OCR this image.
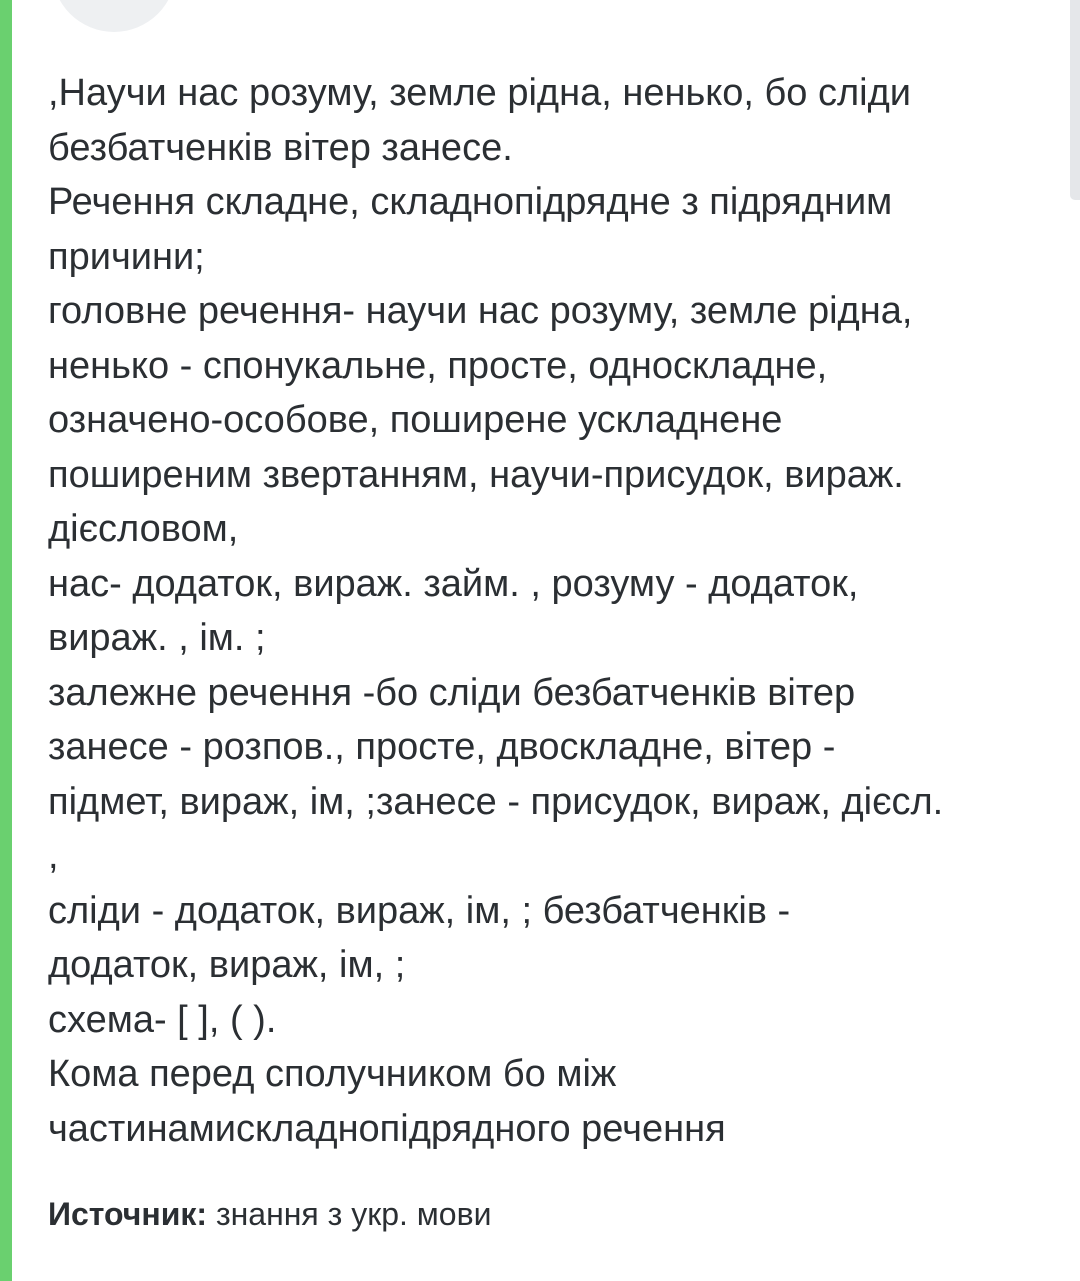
,Научи нас розуму, земле рідна, ненько, бо сліди
безбатченків вітер занесе.
Речення складне, складнопідрядне з підрядним
причини;
головне речення- научи нас розуму, земле рідна,
ненько - спонукальне, просте, односкладне,
означено-особове, поширене ускладнене
поширеним звертанням, научи-присудок, вираж.
дієсловом,
нас- додаток, вираж. займ. , розуму - додаток,
вираж. , ім. ;
залежне речення -бо сліди безбатченків вітер
занесе - розпов., просте, двоскладне, вітер -
підмет, вираж, ім, ;занесе - присудок, вираж, дієсл.
,
сліди - додаток, вираж, ім, ; безбатченків -
додаток, вираж, ім, ;
схема- [ ], ( ).
Кома перед сполучником бо між
частинамискладнопідрядного речення
Источник: знання з укр. мови
